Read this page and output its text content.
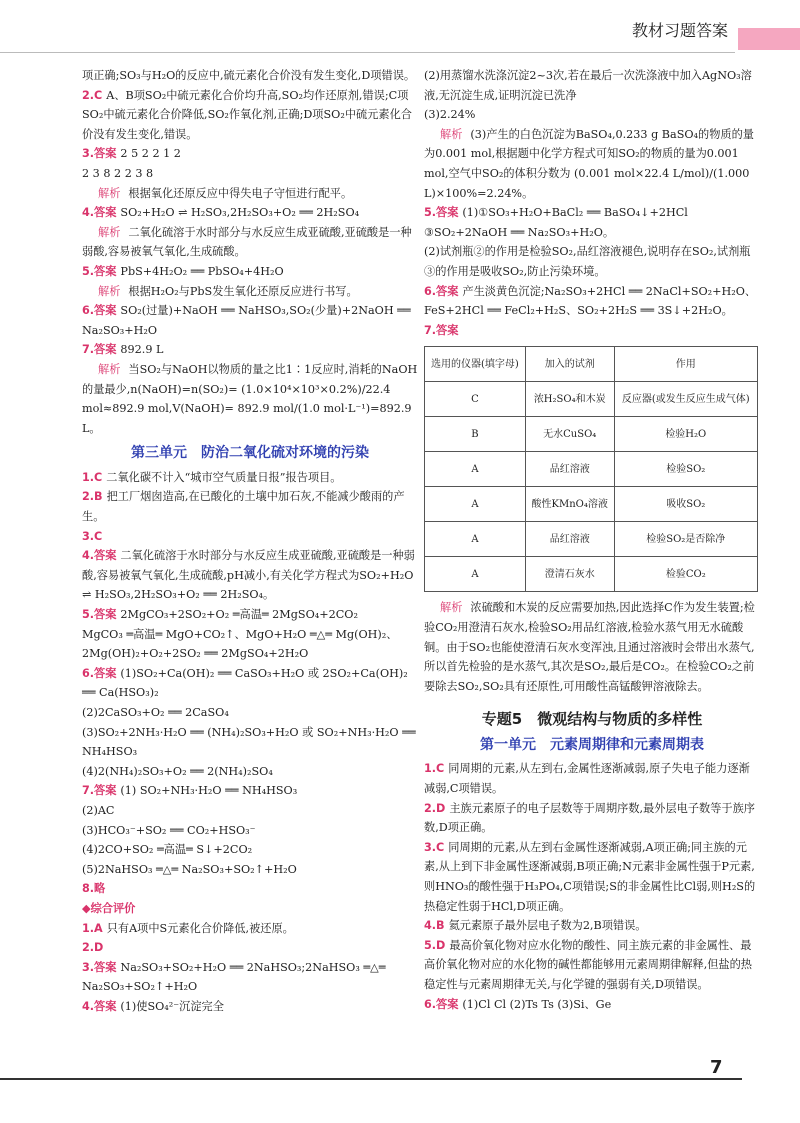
教材习题答案
项正确;SO₃与H₂O的反应中,硫元素化合价没有发生变化,D项错误。
2.C A、B项SO₂中硫元素化合价均升高,SO₂均作还原剂,错误;C项SO₂中硫元素化合价降低,SO₂作氧化剂,正确;D项SO₂中硫元素化合价没有发生变化,错误。
3.答案 2 5 2 2 1 2
2 3 8 2 2 3 8
解析 根据氧化还原反应中得失电子守恒进行配平。
4.答案 SO₂+H₂O ⇌ H₂SO₃,2H₂SO₃+O₂ ══ 2H₂SO₄
解析 二氧化硫溶于水时部分与水反应生成亚硫酸,亚硫酸是一种弱酸,容易被氧气氧化,生成硫酸。
5.答案 PbS+4H₂O₂ ══ PbSO₄+4H₂O
解析 根据H₂O₂与PbS发生氧化还原反应进行书写。
6.答案 SO₂(过量)+NaOH ══ NaHSO₃,SO₂(少量)+2NaOH ══ Na₂SO₃+H₂O
7.答案 892.9 L
解析 当SO₂与NaOH以物质的量之比1∶1反应时,消耗的NaOH的量最少,n(NaOH)=n(SO₂)= (1.0×10⁴×10³×0.2%)/22.4 mol≈892.9 mol,V(NaOH)= 892.9 mol/(1.0 mol·L⁻¹)=892.9 L。
第三单元　防治二氧化硫对环境的污染
1.C 二氧化碳不计入“城市空气质量日报”报告项目。
2.B 把工厂烟囱造高,在已酸化的土壤中加石灰,不能减少酸雨的产生。
3.C
4.答案 二氧化硫溶于水时部分与水反应生成亚硫酸,亚硫酸是一种弱酸,容易被氧气氧化,生成硫酸,pH减小,有关化学方程式为SO₂+H₂O ⇌ H₂SO₃,2H₂SO₃+O₂ ══ 2H₂SO₄。
5.答案 2MgCO₃+2SO₂+O₂ ═高温═ 2MgSO₄+2CO₂
MgCO₃ ═高温═ MgO+CO₂↑、MgO+H₂O ═△═ Mg(OH)₂、2Mg(OH)₂+O₂+2SO₂ ══ 2MgSO₄+2H₂O
6.答案 (1)SO₂+Ca(OH)₂ ══ CaSO₃+H₂O 或 2SO₂+Ca(OH)₂ ══ Ca(HSO₃)₂
(2)2CaSO₃+O₂ ══ 2CaSO₄
(3)SO₂+2NH₃·H₂O ══ (NH₄)₂SO₃+H₂O 或 SO₂+NH₃·H₂O ══ NH₄HSO₃
(4)2(NH₄)₂SO₃+O₂ ══ 2(NH₄)₂SO₄
7.答案 (1) SO₂+NH₃·H₂O ══ NH₄HSO₃
(2)AC
(3)HCO₃⁻+SO₂ ══ CO₂+HSO₃⁻
(4)2CO+SO₂ ═高温═ S↓+2CO₂
(5)2NaHSO₃ ═△═ Na₂SO₃+SO₂↑+H₂O
8.略
◆综合评价
1.A 只有A项中S元素化合价降低,被还原。
2.D
3.答案 Na₂SO₃+SO₂+H₂O ══ 2NaHSO₃;2NaHSO₃ ═△═ Na₂SO₃+SO₂↑+H₂O
4.答案 (1)使SO₄²⁻沉淀完全
(2)用蒸馏水洗涤沉淀2~3次,若在最后一次洗涤液中加入AgNO₃溶液,无沉淀生成,证明沉淀已洗净
(3)2.24%
解析 (3)产生的白色沉淀为BaSO₄,0.233 g BaSO₄的物质的量为0.001 mol,根据题中化学方程式可知SO₂的物质的量为0.001 mol,空气中SO₂的体积分数为 (0.001 mol×22.4 L/mol)/(1.000 L)×100%=2.24%。
5.答案 (1)①SO₃+H₂O+BaCl₂ ══ BaSO₄↓+2HCl ③SO₂+2NaOH ══ Na₂SO₃+H₂O。
(2)试剂瓶②的作用是检验SO₂,品红溶液褪色,说明存在SO₂,试剂瓶③的作用是吸收SO₂,防止污染环境。
6.答案 产生淡黄色沉淀;Na₂SO₃+2HCl ══ 2NaCl+SO₂+H₂O、FeS+2HCl ══ FeCl₂+H₂S、SO₂+2H₂S ══ 3S↓+2H₂O。
7.答案
选用的仪器(填字母)	加入的试剂	作用
C	浓H₂SO₄和木炭	反应器(或发生反应生成气体)
B	无水CuSO₄	检验H₂O
A	品红溶液	检验SO₂
A	酸性KMnO₄溶液	吸收SO₂
A	品红溶液	检验SO₂是否除净
A	澄清石灰水	检验CO₂
解析 浓硫酸和木炭的反应需要加热,因此选择C作为发生装置;检验CO₂用澄清石灰水,检验SO₂用品红溶液,检验水蒸气用无水硫酸铜。由于SO₂也能使澄清石灰水变浑浊,且通过溶液时会带出水蒸气,所以首先检验的是水蒸气,其次是SO₂,最后是CO₂。在检验CO₂之前要除去SO₂,SO₂具有还原性,可用酸性高锰酸钾溶液除去。
专题5　微观结构与物质的多样性
第一单元　元素周期律和元素周期表
1.C 同周期的元素,从左到右,金属性逐渐减弱,原子失电子能力逐渐减弱,C项错误。
2.D 主族元素原子的电子层数等于周期序数,最外层电子数等于族序数,D项正确。
3.C 同周期的元素,从左到右金属性逐渐减弱,A项正确;同主族的元素,从上到下非金属性逐渐减弱,B项正确;N元素非金属性强于P元素,则HNO₃的酸性强于H₃PO₄,C项错误;S的非金属性比Cl弱,则H₂S的热稳定性弱于HCl,D项正确。
4.B 氦元素原子最外层电子数为2,B项错误。
5.D 最高价氧化物对应水化物的酸性、同主族元素的非金属性、最高价氧化物对应的水化物的碱性都能够用元素周期律解释,但盐的热稳定性与元素周期律无关,与化学键的强弱有关,D项错误。
6.答案 (1)Cl Cl (2)Ts Ts (3)Si、Ge
7
